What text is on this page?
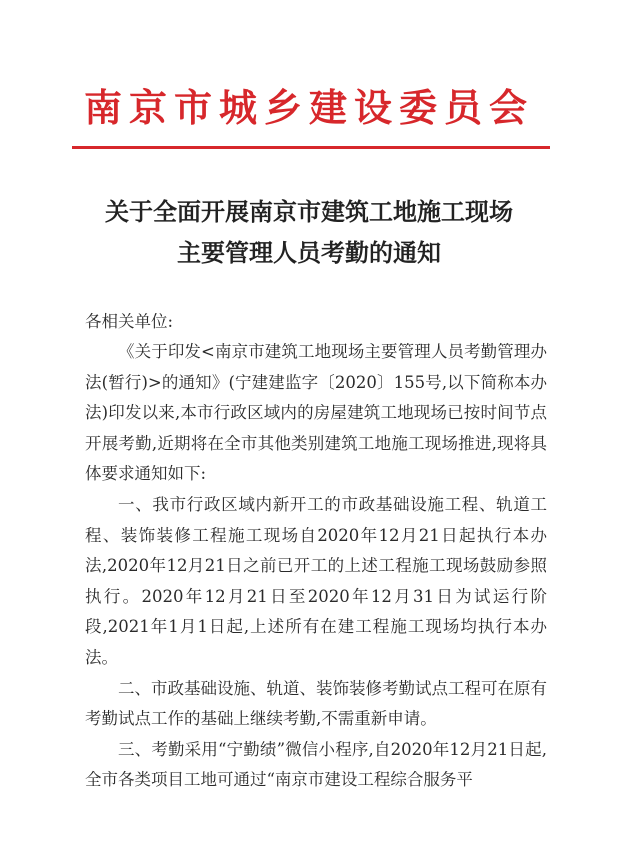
南京市城乡建设委员会
关于全面开展南京市建筑工地施工现场
主要管理人员考勤的通知
各相关单位:

《关于印发<南京市建筑工地现场主要管理人员考勤管理办法(暂行)>的通知》(宁建建监字〔2020〕155号,以下简称本办法)印发以来,本市行政区域内的房屋建筑工地现场已按时间节点开展考勤,近期将在全市其他类别建筑工地施工现场推进,现将具体要求通知如下:

一、我市行政区域内新开工的市政基础设施工程、轨道工程、装饰装修工程施工现场自2020年12月21日起执行本办法,2020年12月21日之前已开工的上述工程施工现场鼓励参照执行。2020年12月21日至2020年12月31日为试运行阶段,2021年1月1日起,上述所有在建工程施工现场均执行本办法。

二、市政基础设施、轨道、装饰装修考勤试点工程可在原有考勤试点工作的基础上继续考勤,不需重新申请。

三、考勤采用“宁勤绩”微信小程序,自2020年12月21日起,全市各类项目工地可通过“南京市建设工程综合服务平
